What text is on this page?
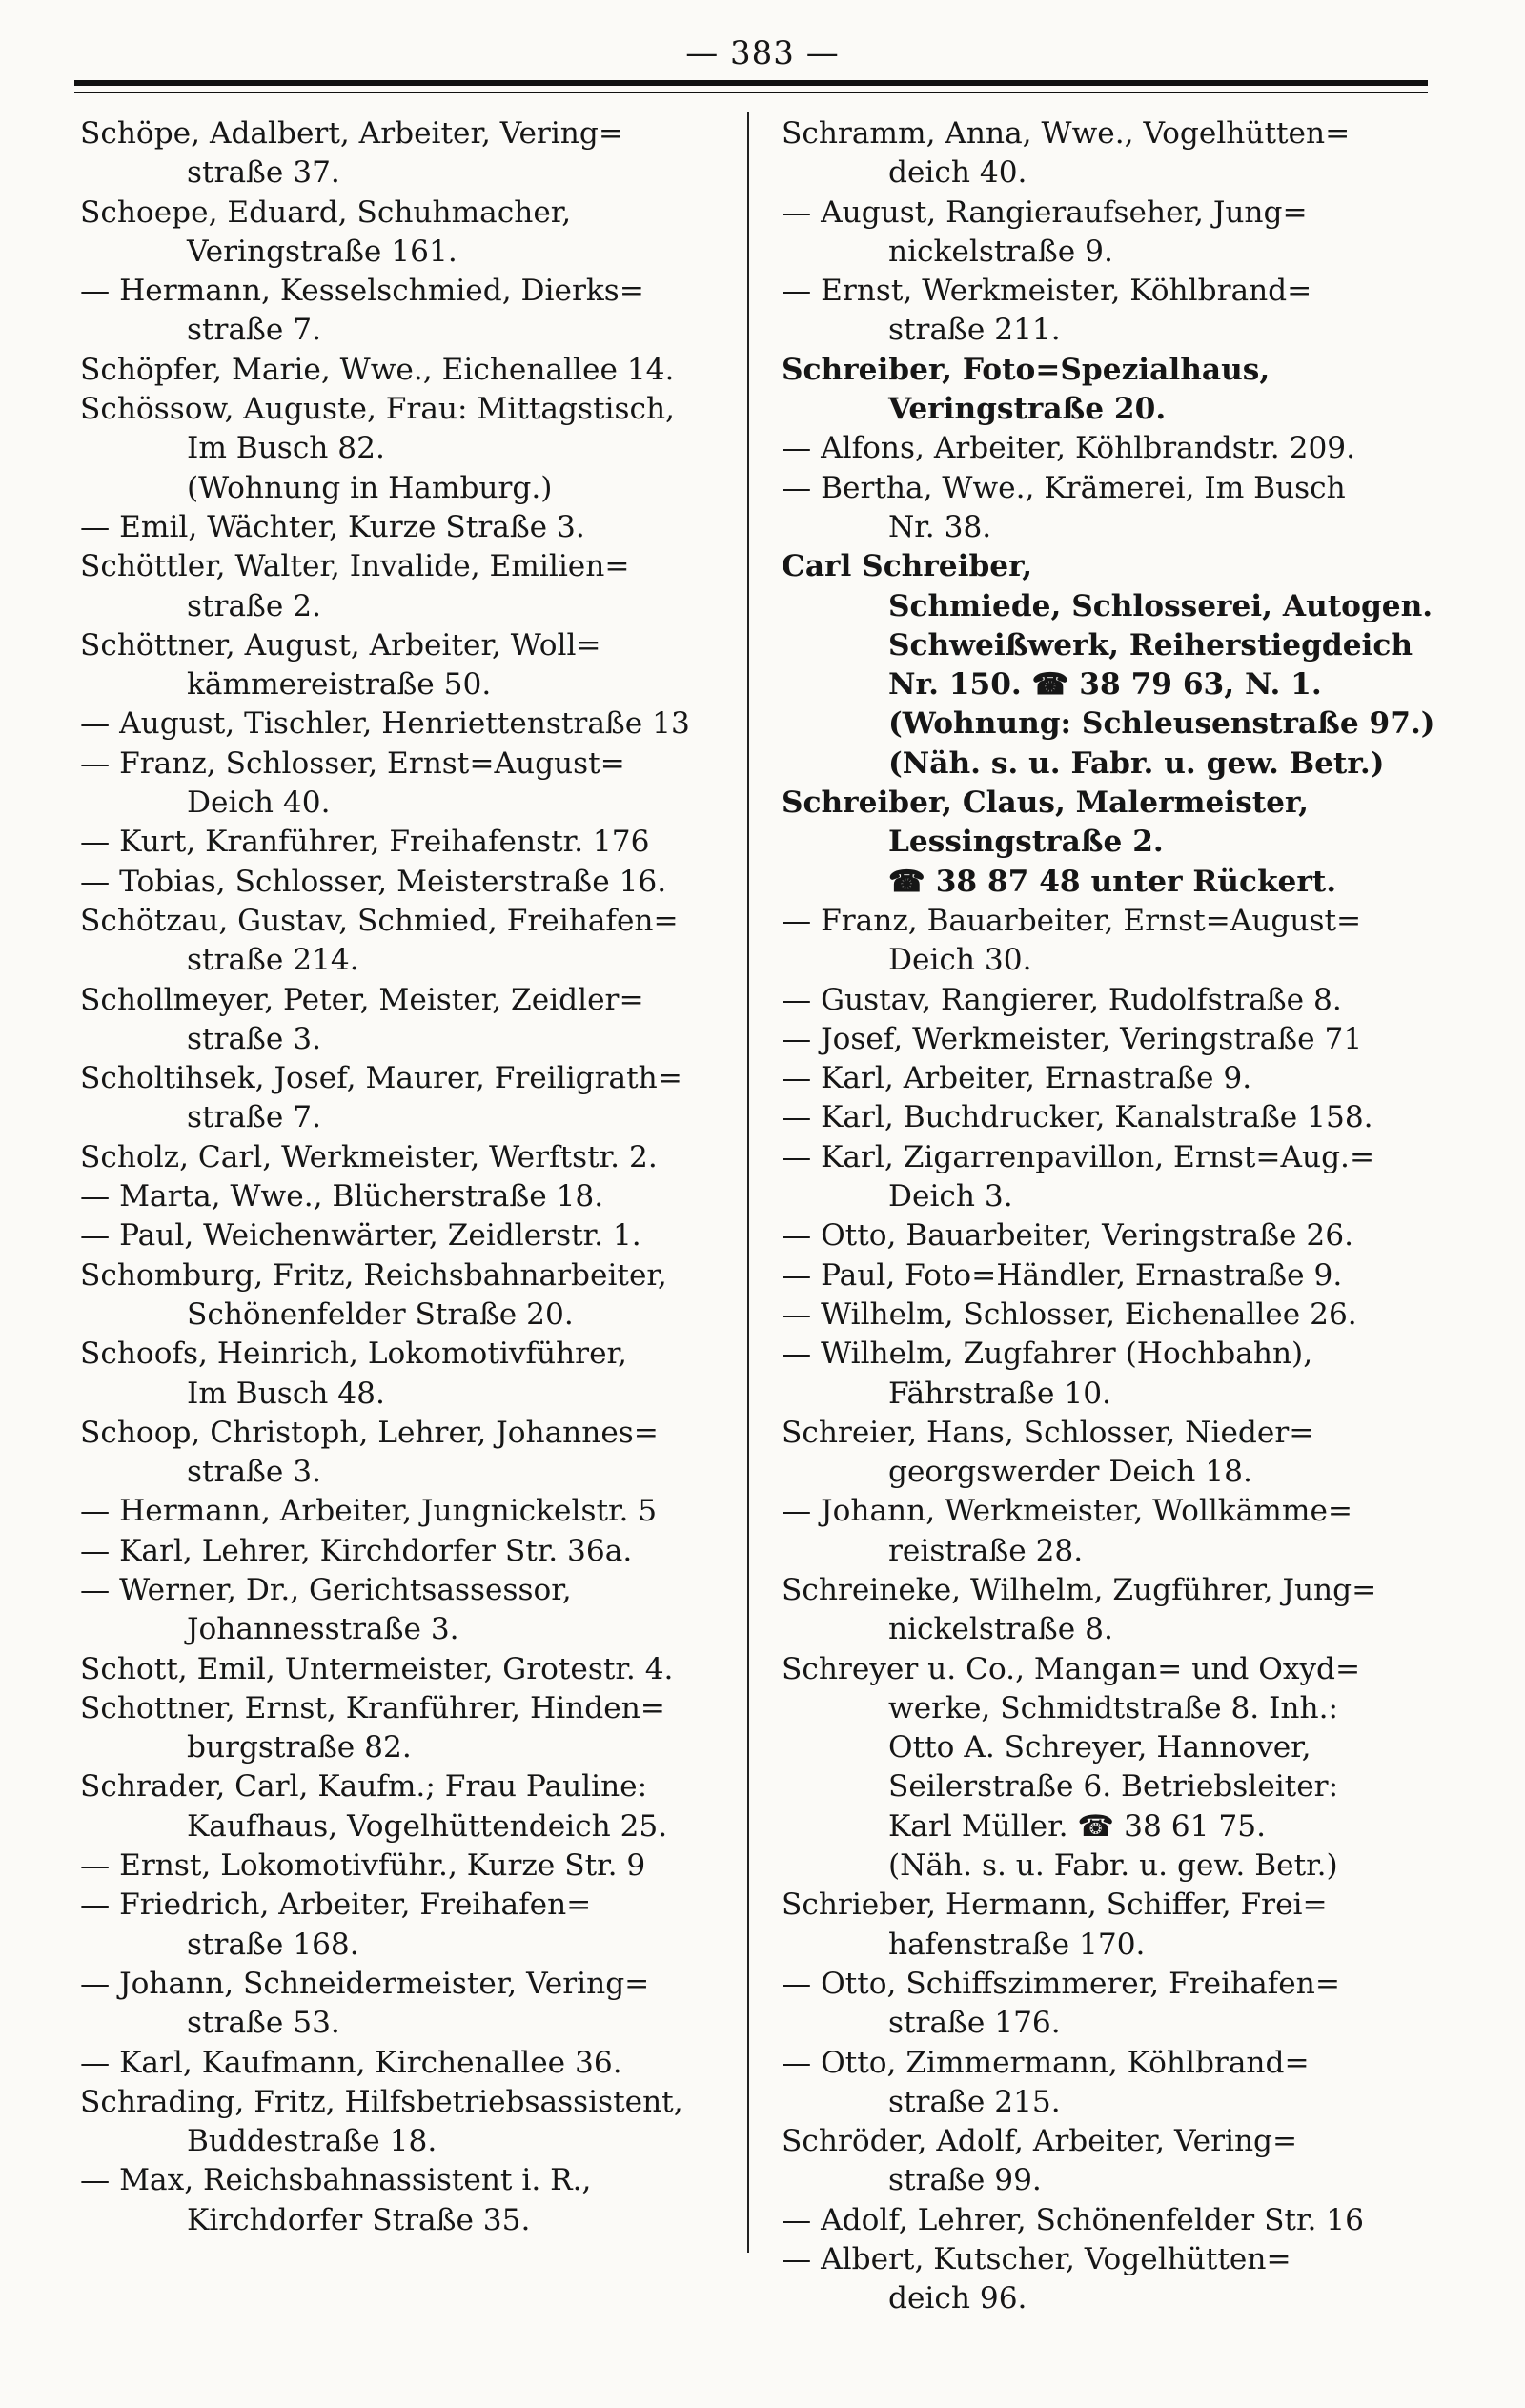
— 383 —
Schöpe, Adalbert, Arbeiter, Vering=
straße 37.
Schoepe, Eduard, Schuhmacher,
Veringstraße 161.
— Hermann, Kesselschmied, Dierks=
straße 7.
Schöpfer, Marie, Wwe., Eichenallee 14.
Schössow, Auguste, Frau: Mittagstisch,
Im Busch 82.
(Wohnung in Hamburg.)
— Emil, Wächter, Kurze Straße 3.
Schöttler, Walter, Invalide, Emilien=
straße 2.
Schöttner, August, Arbeiter, Woll=
kämmereistraße 50.
— August, Tischler, Henriettenstraße 13
— Franz, Schlosser, Ernst=August=
Deich 40.
— Kurt, Kranführer, Freihafenstr. 176
— Tobias, Schlosser, Meisterstraße 16.
Schötzau, Gustav, Schmied, Freihafen=
straße 214.
Schollmeyer, Peter, Meister, Zeidler=
straße 3.
Scholtihsek, Josef, Maurer, Freiligrath=
straße 7.
Scholz, Carl, Werkmeister, Werftstr. 2.
— Marta, Wwe., Blücherstraße 18.
— Paul, Weichenwärter, Zeidlerstr. 1.
Schomburg, Fritz, Reichsbahnarbeiter,
Schönenfelder Straße 20.
Schoofs, Heinrich, Lokomotivführer,
Im Busch 48.
Schoop, Christoph, Lehrer, Johannes=
straße 3.
— Hermann, Arbeiter, Jungnickelstr. 5
— Karl, Lehrer, Kirchdorfer Str. 36a.
— Werner, Dr., Gerichtsassessor,
Johannesstraße 3.
Schott, Emil, Untermeister, Grotestr. 4.
Schottner, Ernst, Kranführer, Hinden=
burgstraße 82.
Schrader, Carl, Kaufm.; Frau Pauline:
Kaufhaus, Vogelhüttendeich 25.
— Ernst, Lokomotivführ., Kurze Str. 9
— Friedrich, Arbeiter, Freihafen=
straße 168.
— Johann, Schneidermeister, Vering=
straße 53.
— Karl, Kaufmann, Kirchenallee 36.
Schrading, Fritz, Hilfsbetriebsassistent,
Buddestraße 18.
— Max, Reichsbahnassistent i. R.,
Kirchdorfer Straße 35.
Schramm, Anna, Wwe., Vogelhütten=
deich 40.
— August, Rangieraufseher, Jung=
nickelstraße 9.
— Ernst, Werkmeister, Köhlbrand=
straße 211.
Schreiber, Foto=Spezialhaus,
Veringstraße 20.
— Alfons, Arbeiter, Köhlbrandstr. 209.
— Bertha, Wwe., Krämerei, Im Busch
Nr. 38.
Carl Schreiber,
Schmiede, Schlosserei, Autogen.
Schweißwerk, Reiherstiegdeich
Nr. 150. ☎ 38 79 63, N. 1.
(Wohnung: Schleusenstraße 97.)
(Näh. s. u. Fabr. u. gew. Betr.)
Schreiber, Claus, Malermeister,
Lessingstraße 2.
☎ 38 87 48 unter Rückert.
— Franz, Bauarbeiter, Ernst=August=
Deich 30.
— Gustav, Rangierer, Rudolfstraße 8.
— Josef, Werkmeister, Veringstraße 71
— Karl, Arbeiter, Ernastraße 9.
— Karl, Buchdrucker, Kanalstraße 158.
— Karl, Zigarrenpavillon, Ernst=Aug.=
Deich 3.
— Otto, Bauarbeiter, Veringstraße 26.
— Paul, Foto=Händler, Ernastraße 9.
— Wilhelm, Schlosser, Eichenallee 26.
— Wilhelm, Zugfahrer (Hochbahn),
Fährstraße 10.
Schreier, Hans, Schlosser, Nieder=
georgswerder Deich 18.
— Johann, Werkmeister, Wollkämme=
reistraße 28.
Schreineke, Wilhelm, Zugführer, Jung=
nickelstraße 8.
Schreyer u. Co., Mangan= und Oxyd=
werke, Schmidtstraße 8. Inh.:
Otto A. Schreyer, Hannover,
Seilerstraße 6. Betriebsleiter:
Karl Müller. ☎ 38 61 75.
(Näh. s. u. Fabr. u. gew. Betr.)
Schrieber, Hermann, Schiffer, Frei=
hafenstraße 170.
— Otto, Schiffszimmerer, Freihafen=
straße 176.
— Otto, Zimmermann, Köhlbrand=
straße 215.
Schröder, Adolf, Arbeiter, Vering=
straße 99.
— Adolf, Lehrer, Schönenfelder Str. 16
— Albert, Kutscher, Vogelhütten=
deich 96.
